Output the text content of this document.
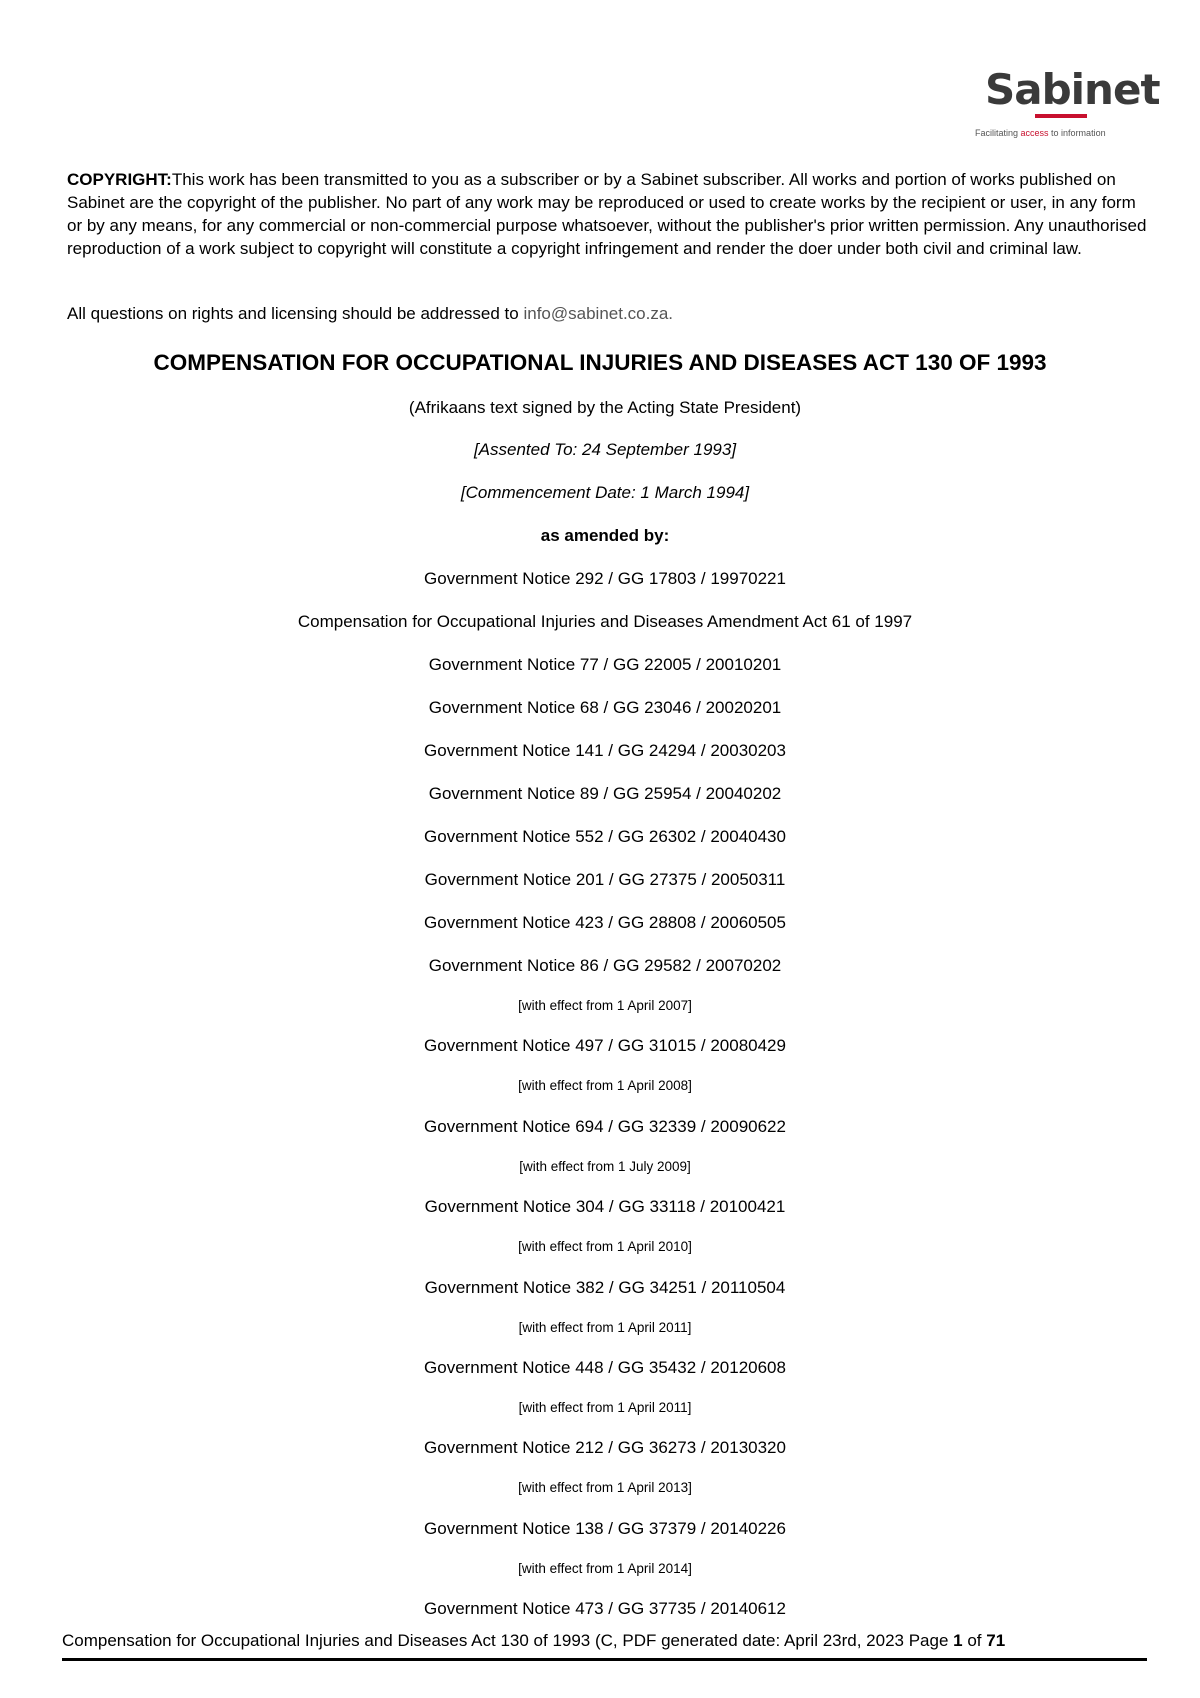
Sabinet
Facilitating access to information

COPYRIGHT:This work has been transmitted to you as a subscriber or by a Sabinet subscriber. All works and portion of works published on Sabinet are the copyright of the publisher. No part of any work may be reproduced or used to create works by the recipient or user, in any form or by any means, for any commercial or non-commercial purpose whatsoever, without the publisher's prior written permission. Any unauthorised reproduction of a work subject to copyright will constitute a copyright infringement and render the doer under both civil and criminal law.

All questions on rights and licensing should be addressed to info@sabinet.co.za.

COMPENSATION FOR OCCUPATIONAL INJURIES AND DISEASES ACT 130 OF 1993

(Afrikaans text signed by the Acting State President)

[Assented To: 24 September 1993]

[Commencement Date: 1 March 1994]

as amended by:

Government Notice 292 / GG 17803 / 19970221

Compensation for Occupational Injuries and Diseases Amendment Act 61 of 1997

Government Notice 77 / GG 22005 / 20010201

Government Notice 68 / GG 23046 / 20020201

Government Notice 141 / GG 24294 / 20030203

Government Notice 89 / GG 25954 / 20040202

Government Notice 552 / GG 26302 / 20040430

Government Notice 201 / GG 27375 / 20050311

Government Notice 423 / GG 28808 / 20060505

Government Notice 86 / GG 29582 / 20070202

[with effect from 1 April 2007]

Government Notice 497 / GG 31015 / 20080429

[with effect from 1 April 2008]

Government Notice 694 / GG 32339 / 20090622

[with effect from 1 July 2009]

Government Notice 304 / GG 33118 / 20100421

[with effect from 1 April 2010]

Government Notice 382 / GG 34251 / 20110504

[with effect from 1 April 2011]

Government Notice 448 / GG 35432 / 20120608

[with effect from 1 April 2011]

Government Notice 212 / GG 36273 / 20130320

[with effect from 1 April 2013]

Government Notice 138 / GG 37379 / 20140226

[with effect from 1 April 2014]

Government Notice 473 / GG 37735 / 20140612

Compensation for Occupational Injuries and Diseases Act 130 of 1993 (C, PDF generated date: April 23rd, 2023 Page 1 of 71
